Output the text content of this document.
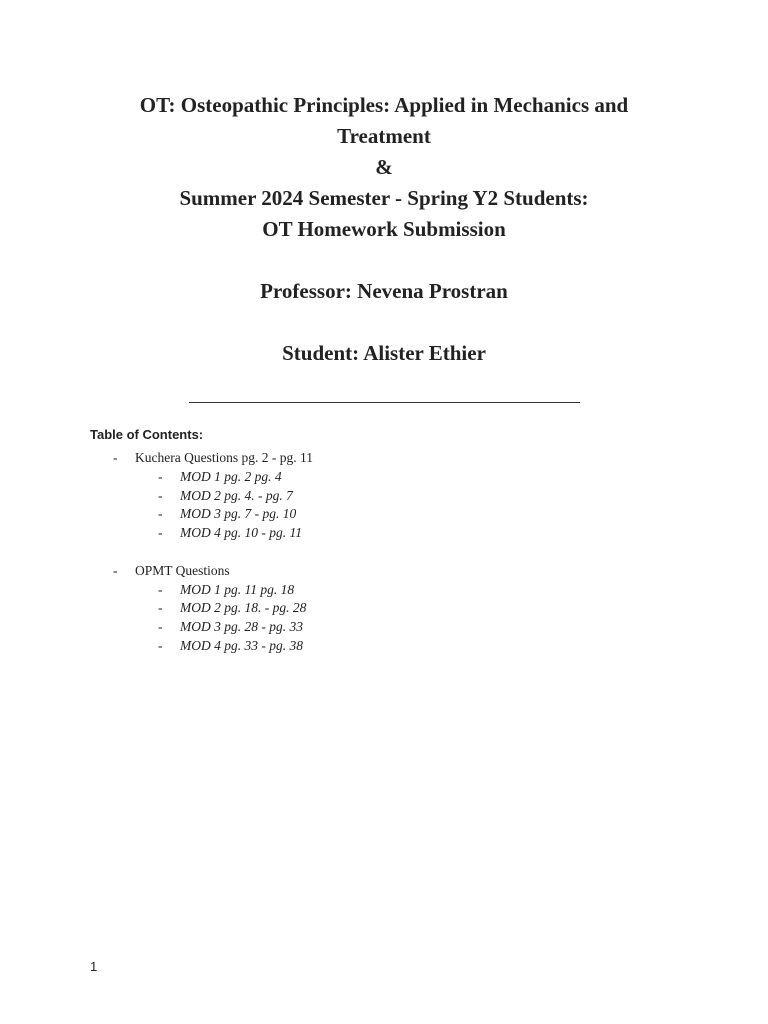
OT: Osteopathic Principles: Applied in Mechanics and
Treatment
&
Summer 2024 Semester - Spring Y2 Students:
OT Homework Submission
Professor: Nevena Prostran
Student: Alister Ethier
Table of Contents:
- Kuchera Questions pg. 2 - pg. 11
- MOD 1 pg. 2 pg. 4
- MOD 2 pg. 4. - pg. 7
- MOD 3 pg. 7 - pg. 10
- MOD 4 pg. 10 - pg. 11
- OPMT Questions
- MOD 1 pg. 11 pg. 18
- MOD 2 pg. 18. - pg. 28
- MOD 3 pg. 28 - pg. 33
- MOD 4 pg. 33 - pg. 38
1
